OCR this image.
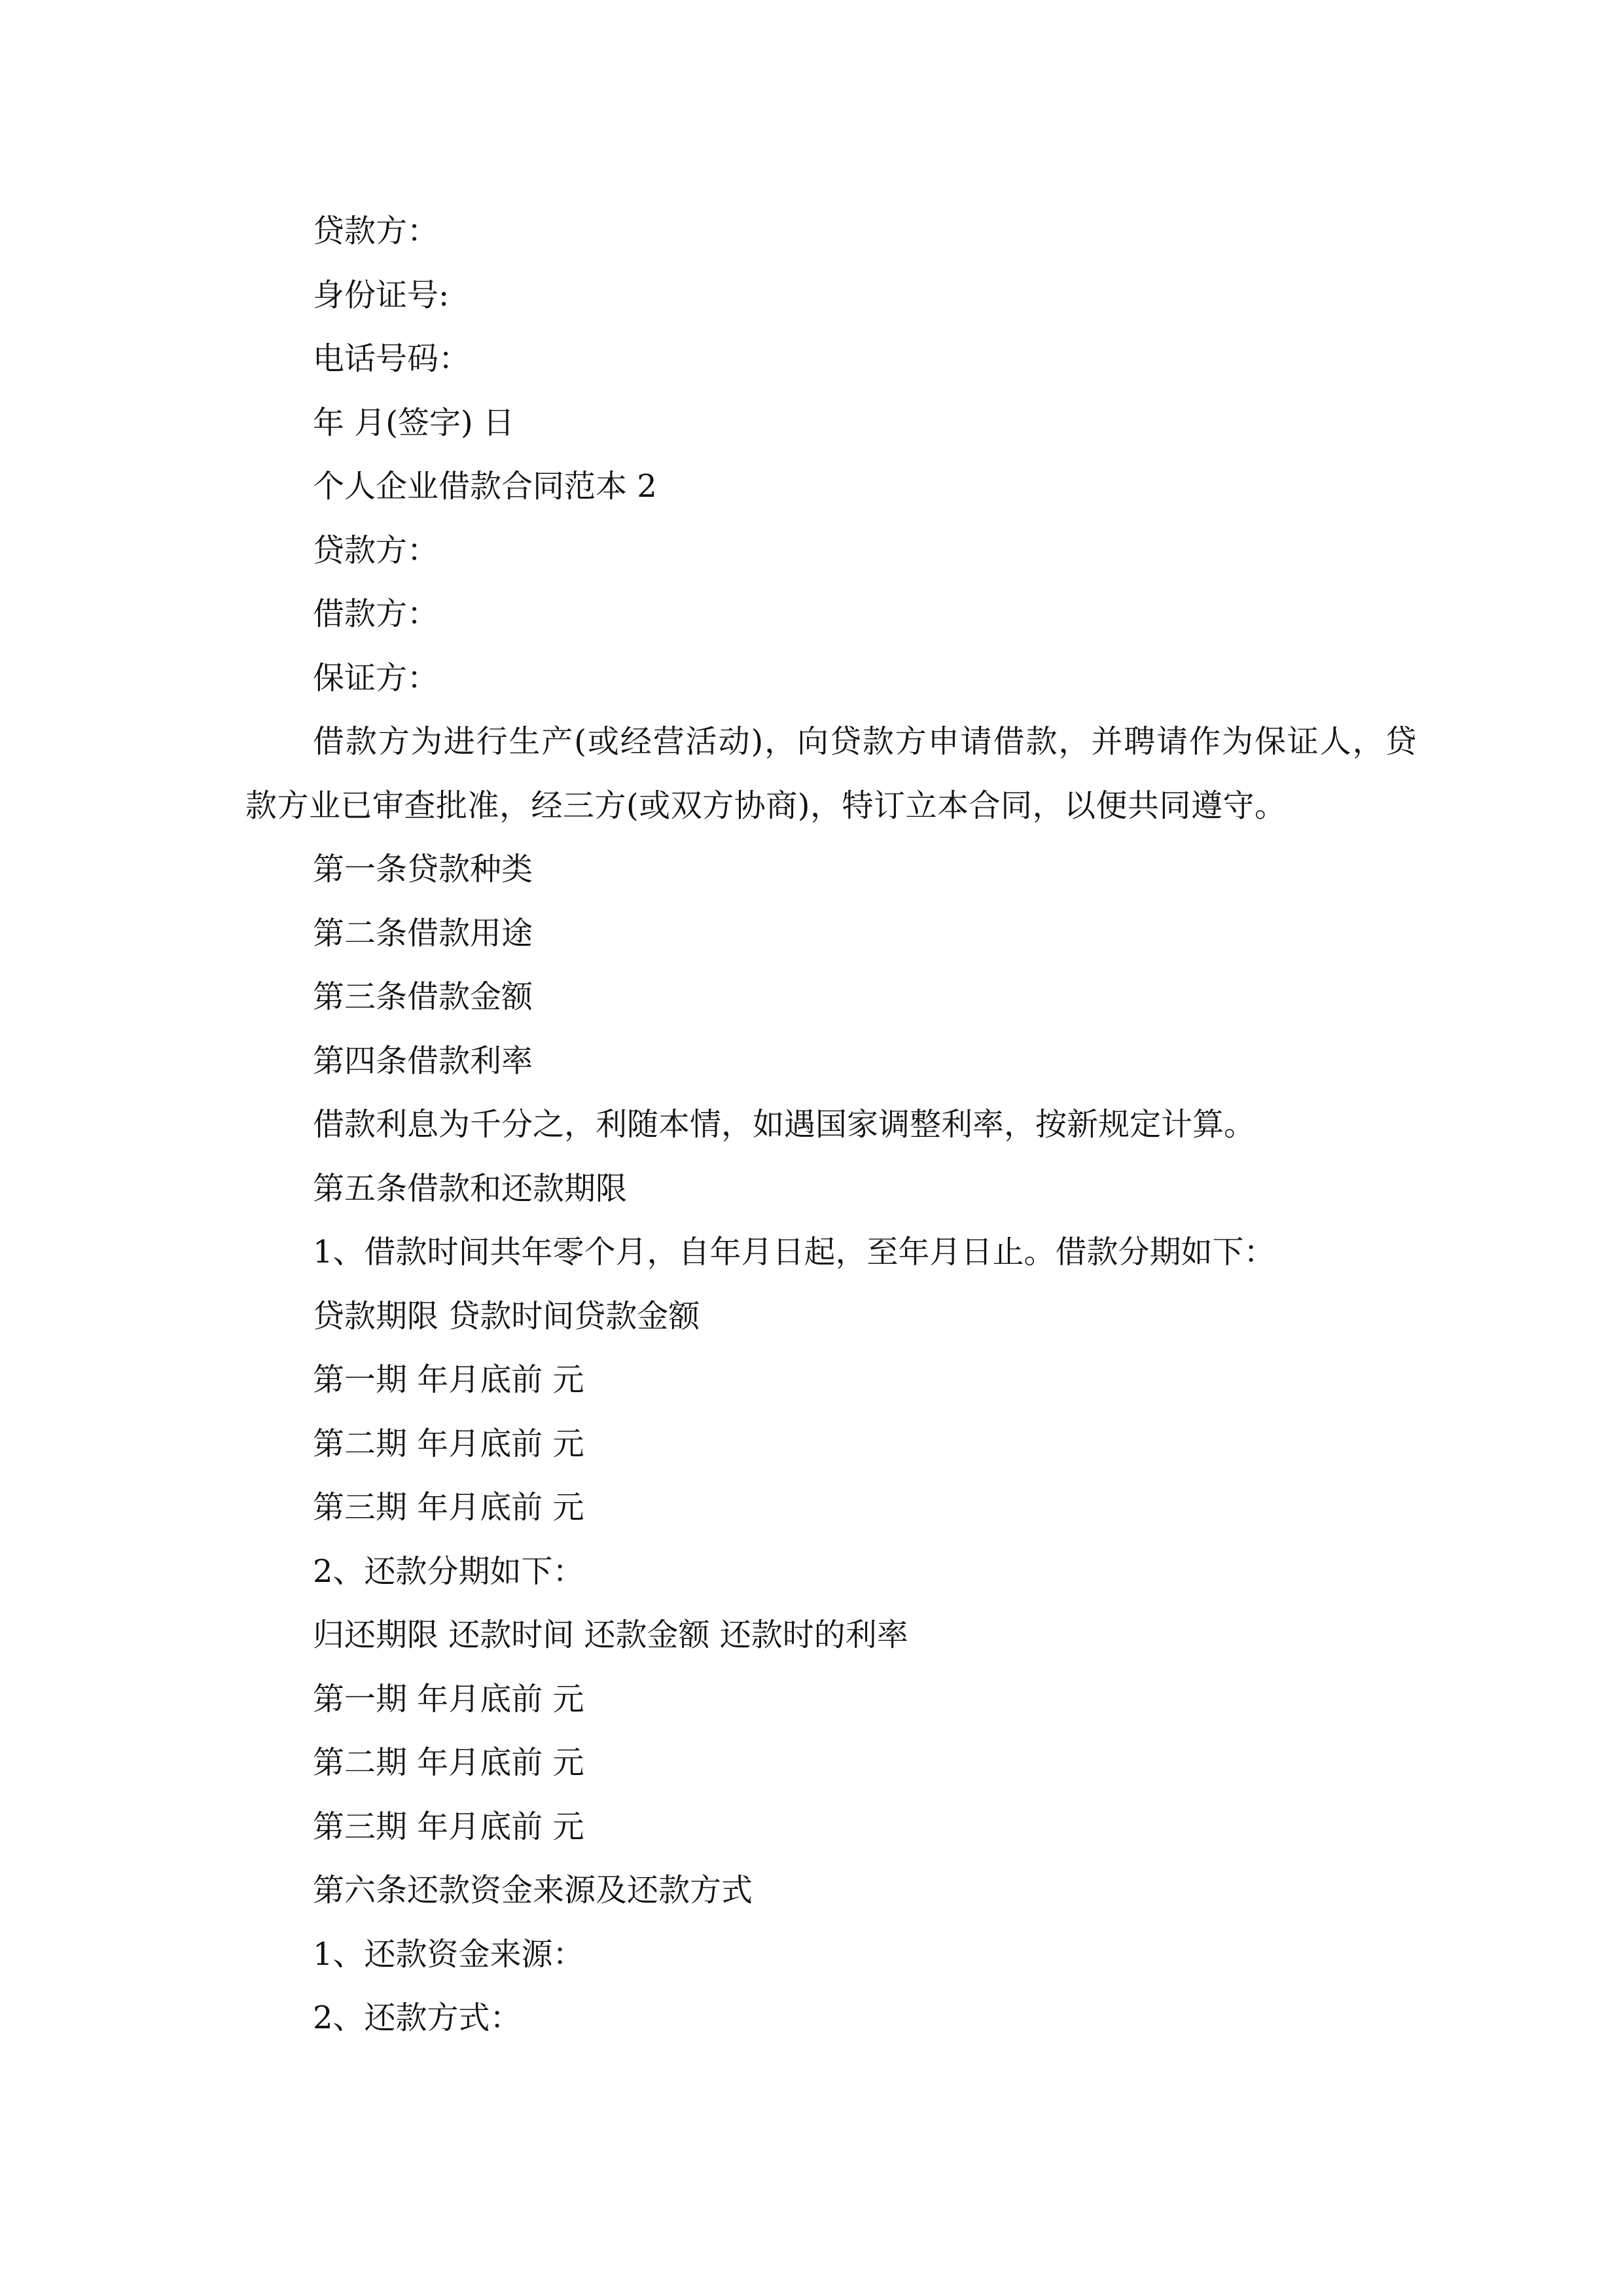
贷款方：
身份证号:
电话号码：
年 月(签字) 日
个人企业借款合同范本 2
贷款方：
借款方：
保证方：
借款方为进行生产(或经营活动)，向贷款方申请借款，并聘请作为保证人，贷款方业已审查批准，经三方(或双方协商)，特订立本合同，以便共同遵守。
第一条贷款种类
第二条借款用途
第三条借款金额
第四条借款利率
借款利息为千分之，利随本情，如遇国家调整利率，按新规定计算。
第五条借款和还款期限
1、借款时间共年零个月，自年月日起，至年月日止。借款分期如下：
贷款期限 贷款时间贷款金额
第一期 年月底前 元
第二期 年月底前 元
第三期 年月底前 元
2、还款分期如下：
归还期限 还款时间 还款金额 还款时的利率
第一期 年月底前 元
第二期 年月底前 元
第三期 年月底前 元
第六条还款资金来源及还款方式
1、还款资金来源：
2、还款方式：
